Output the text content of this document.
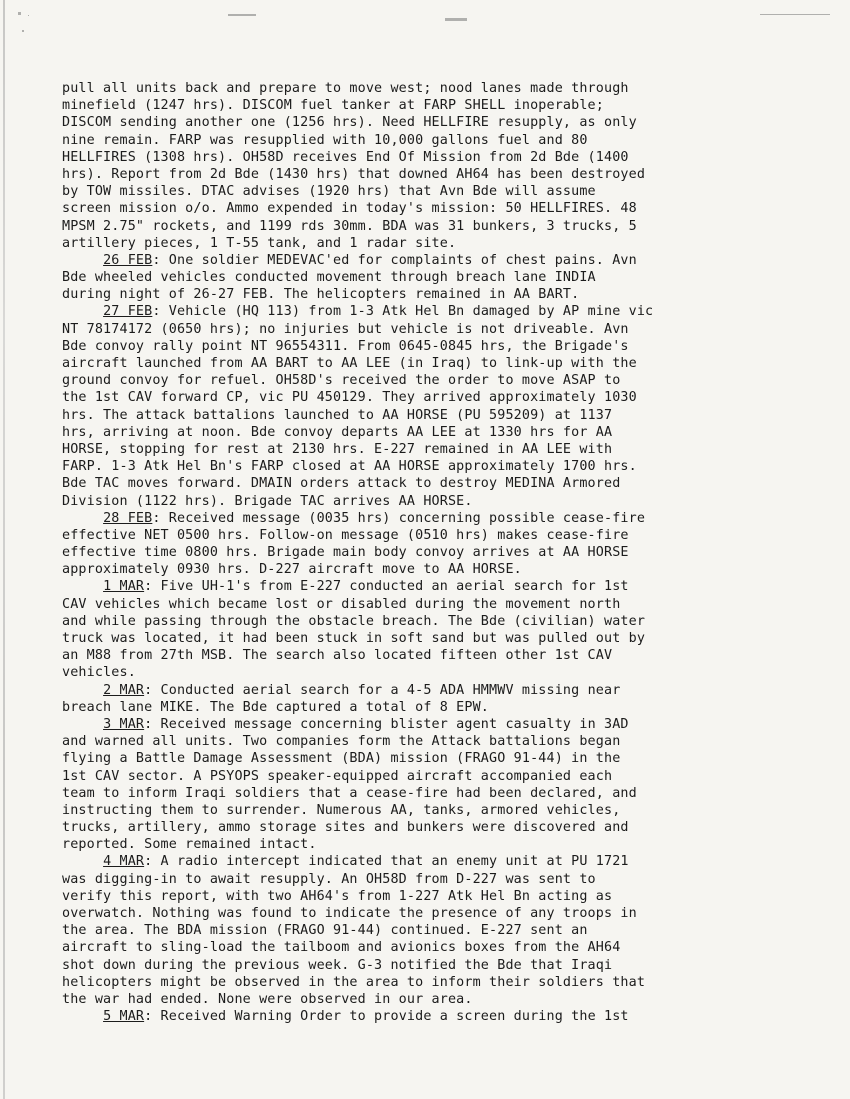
pull all units back and prepare to move west; nood lanes made through
minefield (1247 hrs). DISCOM fuel tanker at FARP SHELL inoperable;
DISCOM sending another one (1256 hrs). Need HELLFIRE resupply, as only
nine remain. FARP was resupplied with 10,000 gallons fuel and 80
HELLFIRES (1308 hrs). OH58D receives End Of Mission from 2d Bde (1400
hrs). Report from 2d Bde (1430 hrs) that downed AH64 has been destroyed
by TOW missiles. DTAC advises (1920 hrs) that Avn Bde will assume
screen mission o/o. Ammo expended in today's mission: 50 HELLFIRES. 48
MPSM 2.75" rockets, and 1199 rds 30mm. BDA was 31 bunkers, 3 trucks, 5
artillery pieces, 1 T-55 tank, and 1 radar site.
26 FEB: One soldier MEDEVAC'ed for complaints of chest pains. Avn
Bde wheeled vehicles conducted movement through breach lane INDIA
during night of 26-27 FEB. The helicopters remained in AA BART.
27 FEB: Vehicle (HQ 113) from 1-3 Atk Hel Bn damaged by AP mine vic
NT 78174172 (0650 hrs); no injuries but vehicle is not driveable. Avn
Bde convoy rally point NT 96554311. From 0645-0845 hrs, the Brigade's
aircraft launched from AA BART to AA LEE (in Iraq) to link-up with the
ground convoy for refuel. OH58D's received the order to move ASAP to
the 1st CAV forward CP, vic PU 450129. They arrived approximately 1030
hrs. The attack battalions launched to AA HORSE (PU 595209) at 1137
hrs, arriving at noon. Bde convoy departs AA LEE at 1330 hrs for AA
HORSE, stopping for rest at 2130 hrs. E-227 remained in AA LEE with
FARP. 1-3 Atk Hel Bn's FARP closed at AA HORSE approximately 1700 hrs.
Bde TAC moves forward. DMAIN orders attack to destroy MEDINA Armored
Division (1122 hrs). Brigade TAC arrives AA HORSE.
28 FEB: Received message (0035 hrs) concerning possible cease-fire
effective NET 0500 hrs. Follow-on message (0510 hrs) makes cease-fire
effective time 0800 hrs. Brigade main body convoy arrives at AA HORSE
approximately 0930 hrs. D-227 aircraft move to AA HORSE.
1 MAR: Five UH-1's from E-227 conducted an aerial search for 1st
CAV vehicles which became lost or disabled during the movement north
and while passing through the obstacle breach. The Bde (civilian) water
truck was located, it had been stuck in soft sand but was pulled out by
an M88 from 27th MSB. The search also located fifteen other 1st CAV
vehicles.
2 MAR: Conducted aerial search for a 4-5 ADA HMMWV missing near
breach lane MIKE. The Bde captured a total of 8 EPW.
3 MAR: Received message concerning blister agent casualty in 3AD
and warned all units. Two companies form the Attack battalions began
flying a Battle Damage Assessment (BDA) mission (FRAGO 91-44) in the
1st CAV sector. A PSYOPS speaker-equipped aircraft accompanied each
team to inform Iraqi soldiers that a cease-fire had been declared, and
instructing them to surrender. Numerous AA, tanks, armored vehicles,
trucks, artillery, ammo storage sites and bunkers were discovered and
reported. Some remained intact.
4 MAR: A radio intercept indicated that an enemy unit at PU 1721
was digging-in to await resupply. An OH58D from D-227 was sent to
verify this report, with two AH64's from 1-227 Atk Hel Bn acting as
overwatch. Nothing was found to indicate the presence of any troops in
the area. The BDA mission (FRAGO 91-44) continued. E-227 sent an
aircraft to sling-load the tailboom and avionics boxes from the AH64
shot down during the previous week. G-3 notified the Bde that Iraqi
helicopters might be observed in the area to inform their soldiers that
the war had ended. None were observed in our area.
5 MAR: Received Warning Order to provide a screen during the 1st
